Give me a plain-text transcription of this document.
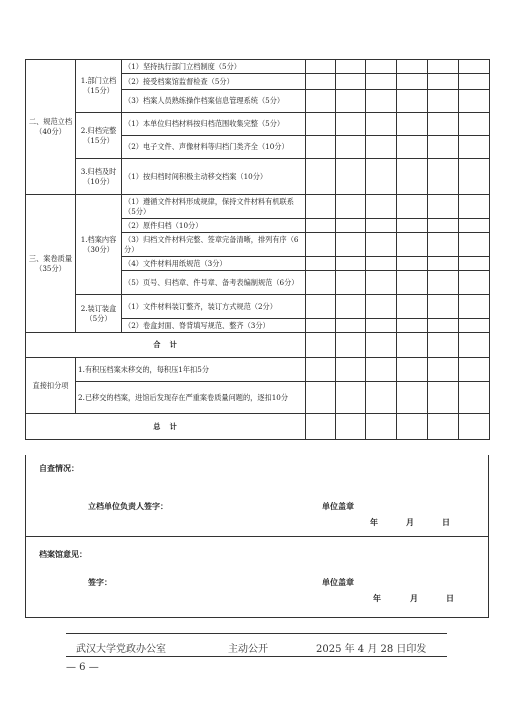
二、规范立档（40分）	1.部门立档（15分）	（1）坚持执行部门立档制度（5分）						
		（2）接受档案馆监督检查（5分）						
		（3）档案人员熟练操作档案信息管理系统（5分）						
	2.归档完整（15分）	（1）本单位归档材料按归档范围收集完整（5分）						
		（2）电子文件、声像材料等归档门类齐全（10分）						
	3.归档及时（10分）	（1）按归档时间积极主动移交档案（10分）						
三、案卷质量（35分）	1.档案内容（30分）	（1）遵循文件材料形成规律，保持文件材料有机联系（5分）						
		（2）原件归档（10分）						
		（3）归档文件材料完整、签章完备清晰，排列有序（6分）						
		（4）文件材料用纸规范（3分）						
		（5）页号、归档章、件号章、备考表编制规范（6分）						
	2.装订装盒（5分）	（1）文件材料装订整齐，装订方式规范（2分）						
		（2）卷盒封面、脊背填写规范、整齐（3分）						
合　计								
直接扣分项	1.有积压档案未移交的，每积压1年扣5分							
	2.已移交的档案，进馆后发现存在严重案卷质量问题的，逐扣10分							
总　计								
自查情况：
立档单位负责人签字：	单位盖章
年	月	日
档案馆意见：
签字：	单位盖章
年	月	日
武汉大学党政办公室	主动公开	2025 年 4 月 28 日印发
— 6 —
